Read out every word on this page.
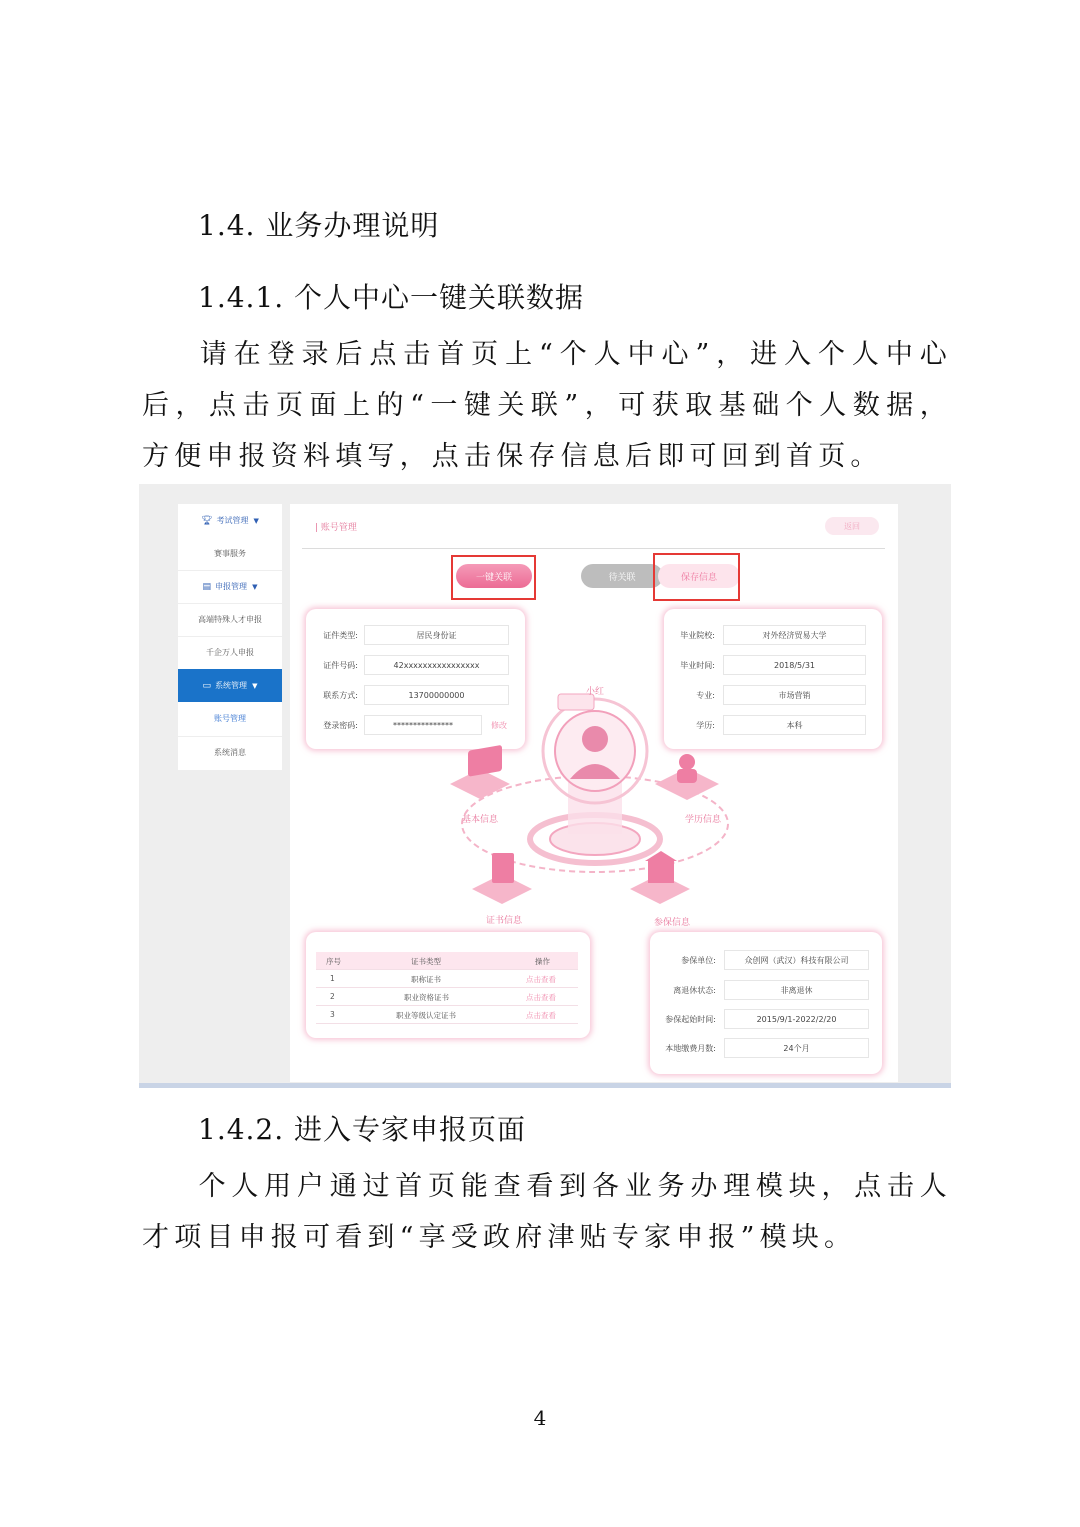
1.4. 业务办理说明
1.4.1. 个人中心一键关联数据
请在登录后点击首页上“个人中心”，进入个人中心后，点击页面上的“一键关联”，可获取基础个人数据，方便申报资料填写，点击保存信息后即可回到首页。
🏆︎ 考试管理 ▼
赛事服务
▤ 申报管理 ▼
高端特殊人才申报
千企万人申报
▭ 系统管理 ▼
账号管理
系统消息
| 账号管理	返回
一键关联	待关联	保存信息
证件类型:	居民身份证
证件号码:	42xxxxxxxxxxxxxxxx
联系方式:	13700000000
登录密码:	***************	修改
毕业院校:	对外经济贸易大学
毕业时间:	2018/5/31
专业:	市场营销
学历:	本科
小红
基本信息	学历信息
证书信息	参保信息
序号	证书类型	操作
1	职称证书	点击查看
2	职业资格证书	点击查看
3	职业等级认定证书	点击查看
参保单位:	众创网（武汉）科技有限公司
离退休状态:	非离退休
参保起始时间:	2015/9/1-2022/2/20
本地缴费月数:	24个月
1.4.2. 进入专家申报页面
个人用户通过首页能查看到各业务办理模块，点击人才项目申报可看到“享受政府津贴专家申报”模块。
4
